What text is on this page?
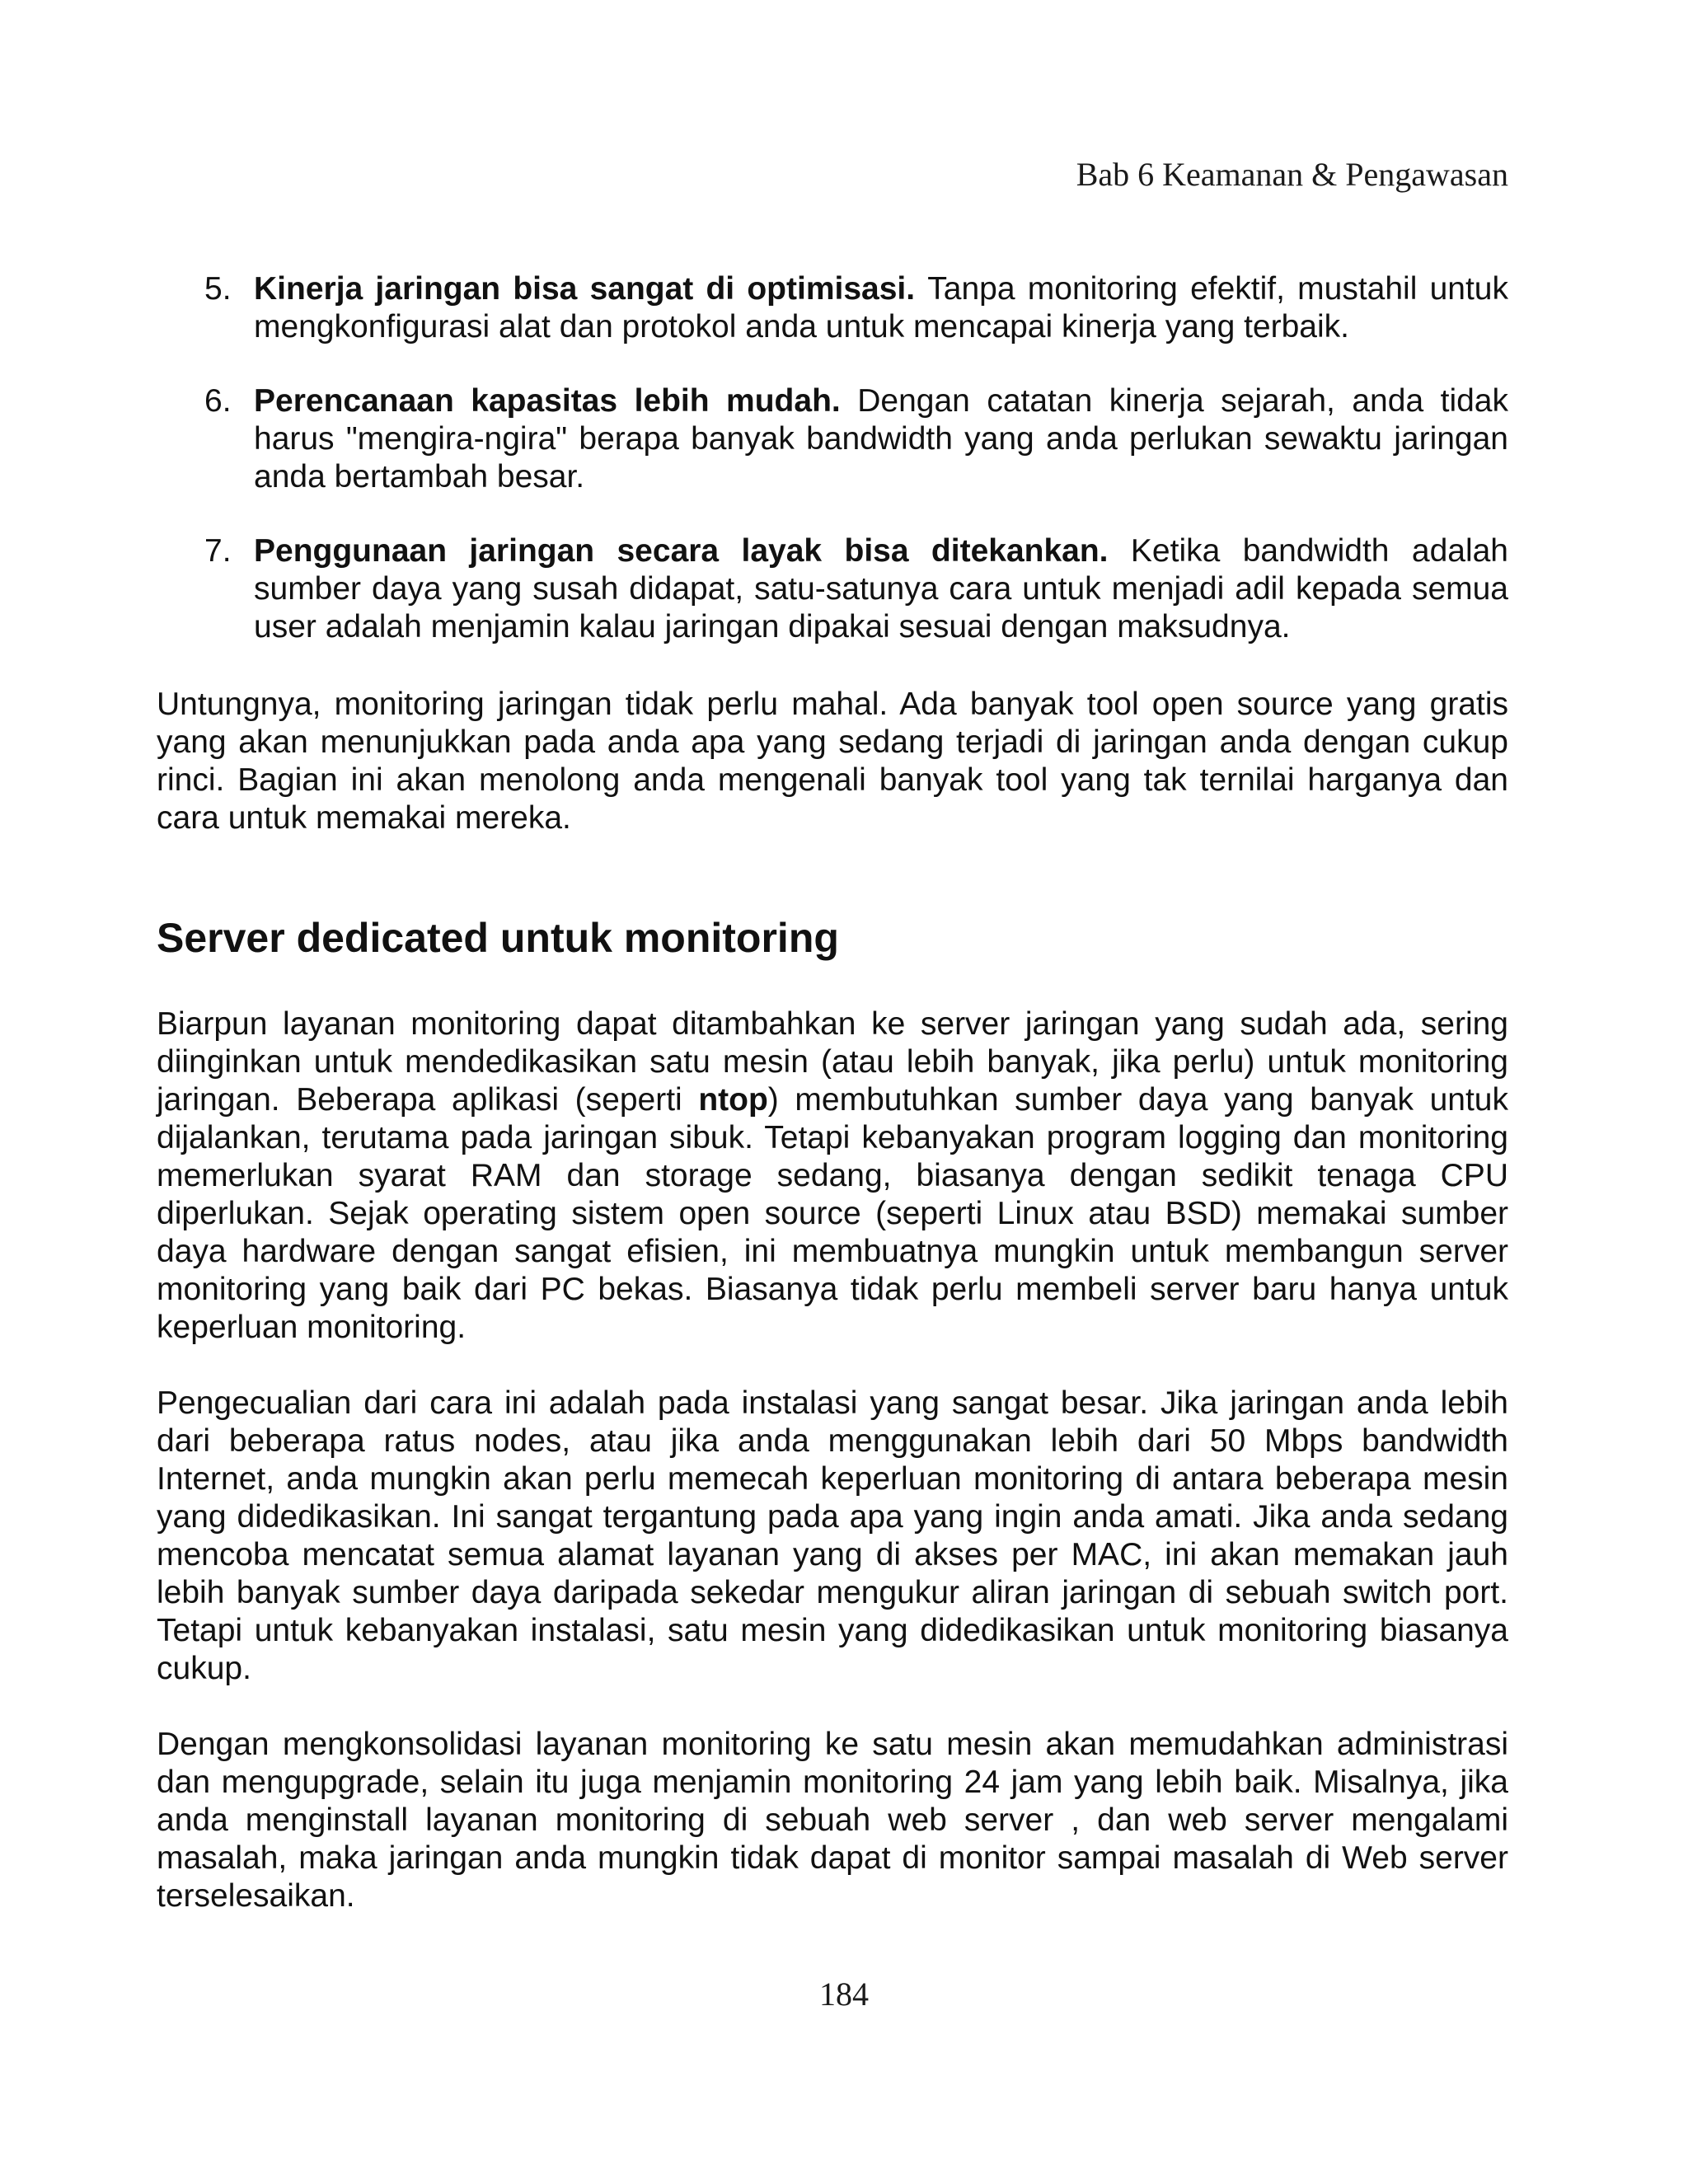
Bab 6 Keamanan & Pengawasan
5. Kinerja jaringan bisa sangat di optimisasi. Tanpa monitoring efektif, mustahil untuk mengkonfigurasi alat dan protokol anda untuk mencapai kinerja yang terbaik.
6. Perencanaan kapasitas lebih mudah. Dengan catatan kinerja sejarah, anda tidak harus "mengira-ngira" berapa banyak bandwidth yang anda perlukan sewaktu jaringan anda bertambah besar.
7. Penggunaan jaringan secara layak bisa ditekankan. Ketika bandwidth adalah sumber daya yang susah didapat, satu-satunya cara untuk menjadi adil kepada semua user adalah menjamin kalau jaringan dipakai sesuai dengan maksudnya.

Untungnya, monitoring jaringan tidak perlu mahal. Ada banyak tool open source yang gratis yang akan menunjukkan pada anda apa yang sedang terjadi di jaringan anda dengan cukup rinci. Bagian ini akan menolong anda mengenali banyak tool yang tak ternilai harganya dan cara untuk memakai mereka.

Server dedicated untuk monitoring

Biarpun layanan monitoring dapat ditambahkan ke server jaringan yang sudah ada, sering diinginkan untuk mendedikasikan satu mesin (atau lebih banyak, jika perlu) untuk monitoring jaringan. Beberapa aplikasi (seperti ntop) membutuhkan sumber daya yang banyak untuk dijalankan, terutama pada jaringan sibuk. Tetapi kebanyakan program logging dan monitoring memerlukan syarat RAM dan storage sedang, biasanya dengan sedikit tenaga CPU diperlukan. Sejak operating sistem open source (seperti Linux atau BSD) memakai sumber daya hardware dengan sangat efisien, ini membuatnya mungkin untuk membangun server monitoring yang baik dari PC bekas. Biasanya tidak perlu membeli server baru hanya untuk keperluan monitoring.

Pengecualian dari cara ini adalah pada instalasi yang sangat besar. Jika jaringan anda lebih dari beberapa ratus nodes, atau jika anda menggunakan lebih dari 50 Mbps bandwidth Internet, anda mungkin akan perlu memecah keperluan monitoring di antara beberapa mesin yang didedikasikan. Ini sangat tergantung pada apa yang ingin anda amati. Jika anda sedang mencoba mencatat semua alamat layanan yang di akses per MAC, ini akan memakan jauh lebih banyak sumber daya daripada sekedar mengukur aliran jaringan di sebuah switch port. Tetapi untuk kebanyakan instalasi, satu mesin yang didedikasikan untuk monitoring biasanya cukup.

Dengan mengkonsolidasi layanan monitoring ke satu mesin akan memudahkan administrasi dan mengupgrade, selain itu juga menjamin monitoring 24 jam yang lebih baik. Misalnya, jika anda menginstall layanan monitoring di sebuah web server , dan web server mengalami masalah, maka jaringan anda mungkin tidak dapat di monitor sampai masalah di Web server terselesaikan.

184
